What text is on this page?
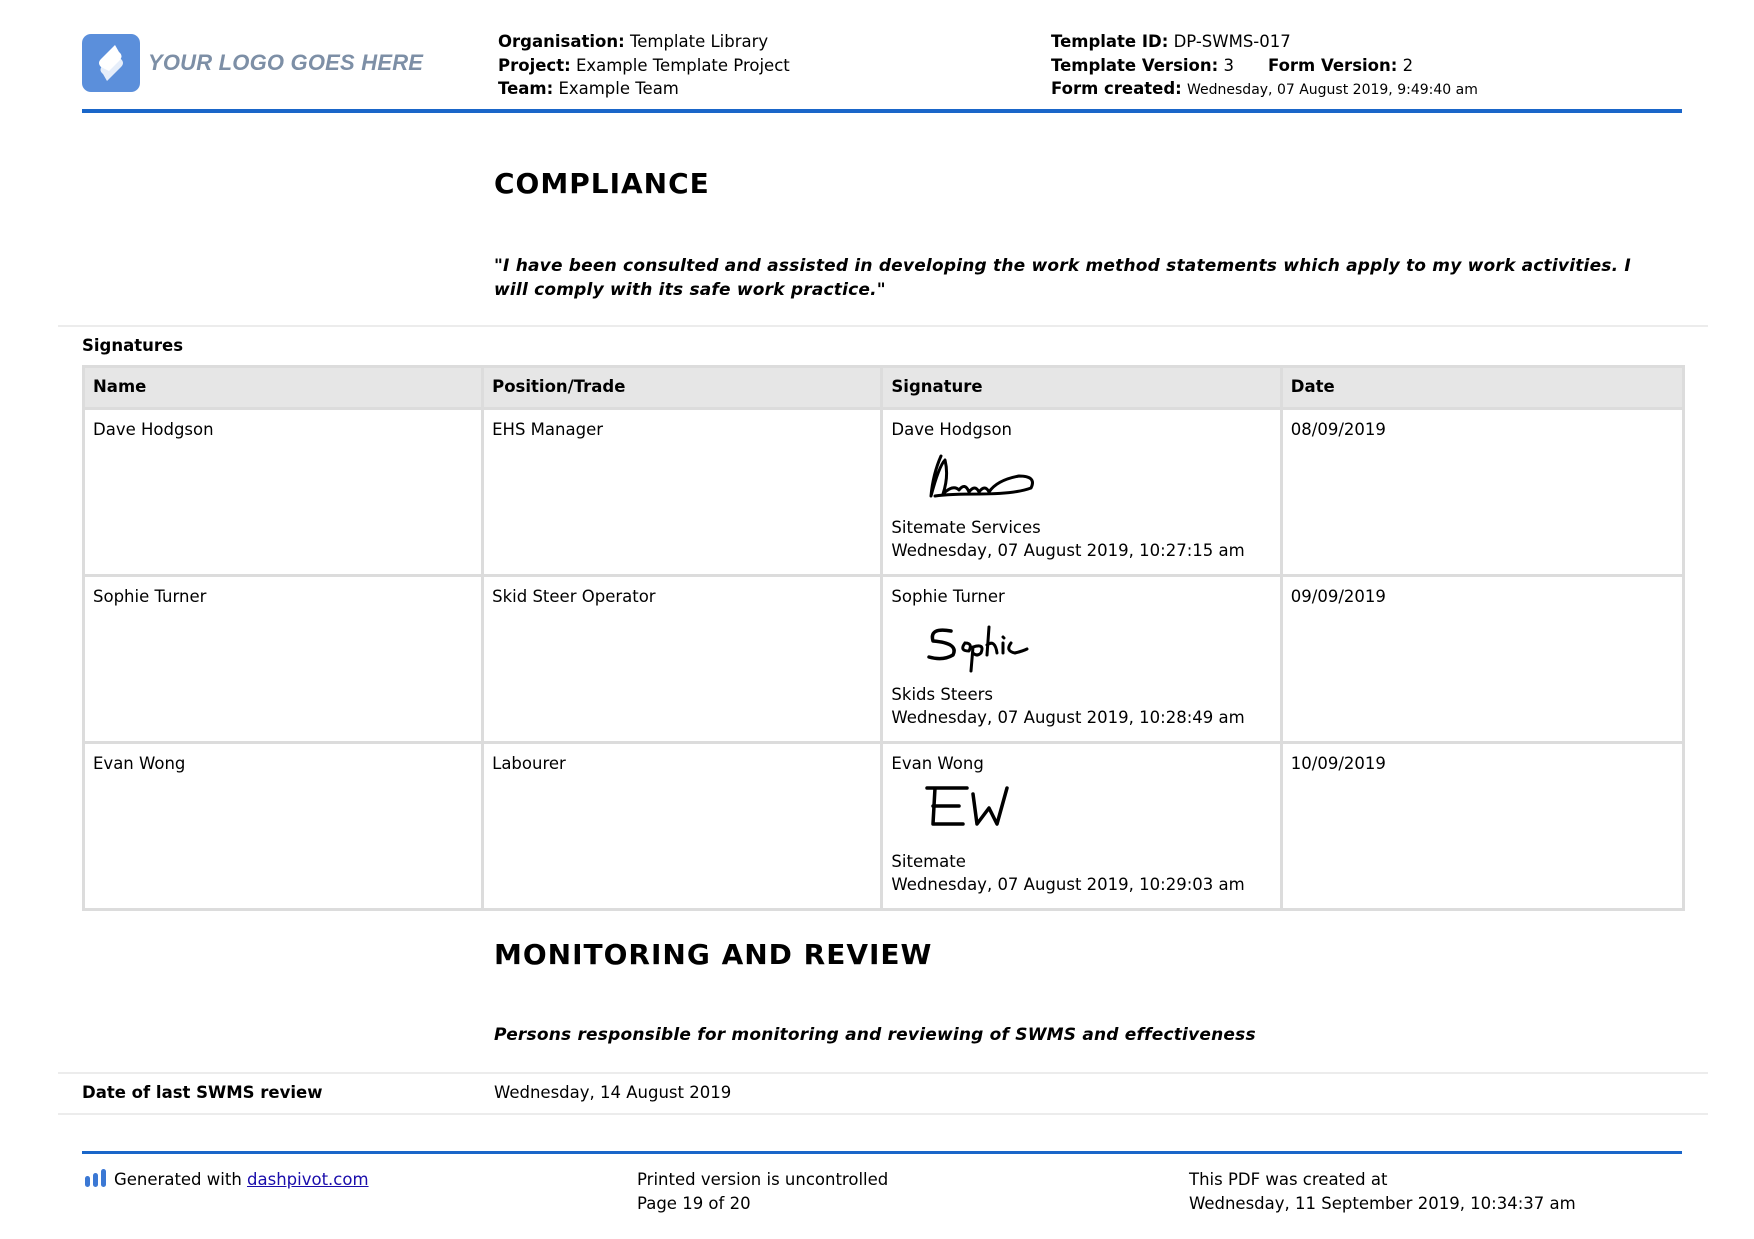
YOUR LOGO GOES HERE
Organisation: Template Library
Project: Example Template Project
Team: Example Team
Template ID: DP-SWMS-017
Template Version: 3 Form Version: 2
Form created: Wednesday, 07 August 2019, 9:49:40 am
COMPLIANCE
"I have been consulted and assisted in developing the work method statements which apply to my work activities. I will comply with its safe work practice."
Signatures
Name	Position/Trade	Signature	Date
Dave Hodgson	EHS Manager	Dave Hodgson
Sitemate Services
Wednesday, 07 August 2019, 10:27:15 am	08/09/2019
Sophie Turner	Skid Steer Operator	Sophie Turner
Skids Steers
Wednesday, 07 August 2019, 10:28:49 am	09/09/2019
Evan Wong	Labourer	Evan Wong
Sitemate
Wednesday, 07 August 2019, 10:29:03 am	10/09/2019
MONITORING AND REVIEW
Persons responsible for monitoring and reviewing of SWMS and effectiveness
Date of last SWMS review	Wednesday, 14 August 2019
Generated with dashpivot.com	Printed version is uncontrolled
Page 19 of 20
This PDF was created at
Wednesday, 11 September 2019, 10:34:37 am
